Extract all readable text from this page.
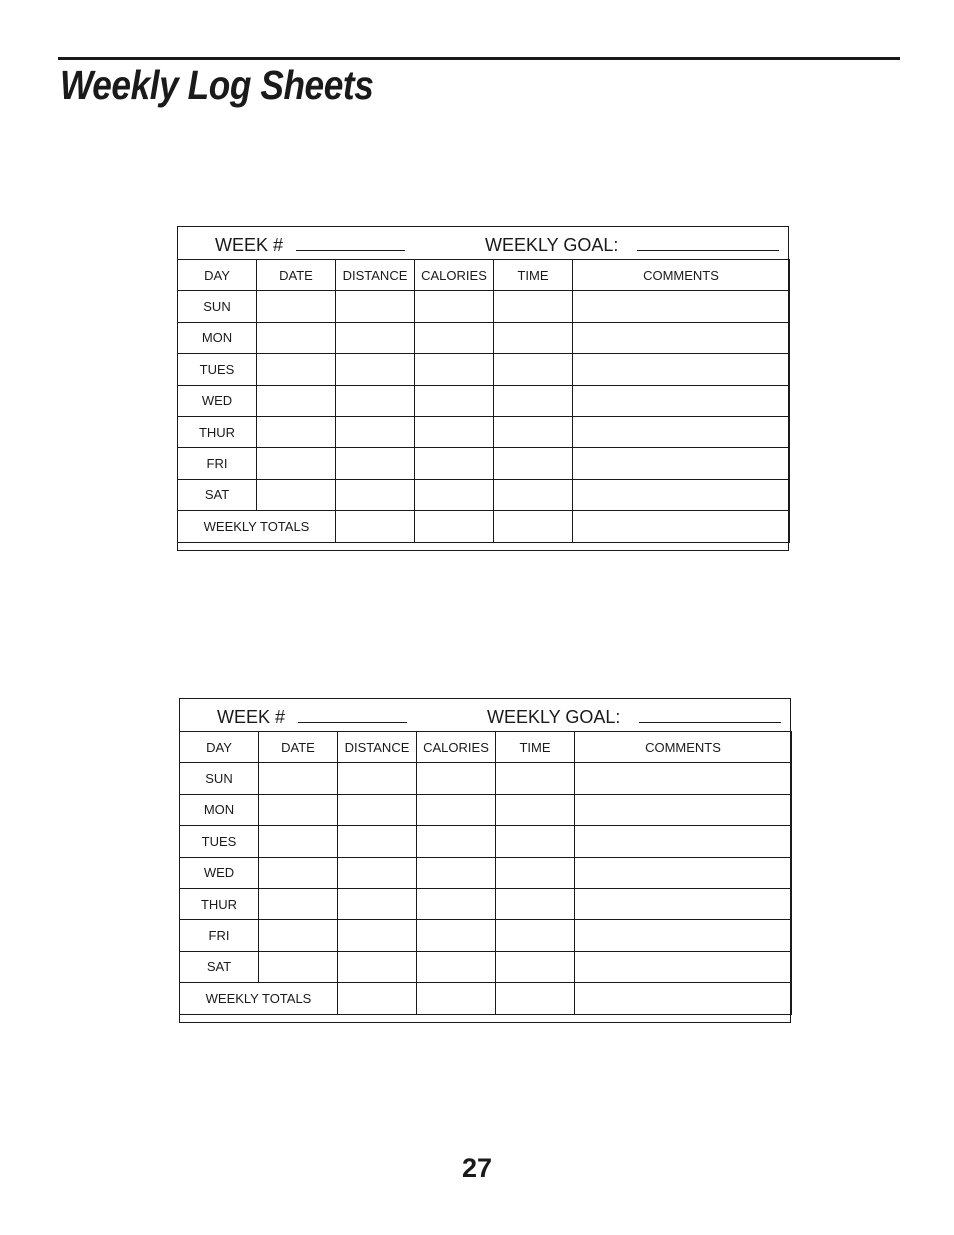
Weekly Log Sheets
WEEK #	WEEKLY GOAL:
DAY	DATE	DISTANCE	CALORIES	TIME	COMMENTS
SUN					
MON					
TUES					
WED					
THUR					
FRI					
SAT					
WEEKLY TOTALS					
WEEK #	WEEKLY GOAL:
DAY	DATE	DISTANCE	CALORIES	TIME	COMMENTS
SUN					
MON					
TUES					
WED					
THUR					
FRI					
SAT					
WEEKLY TOTALS					
27
